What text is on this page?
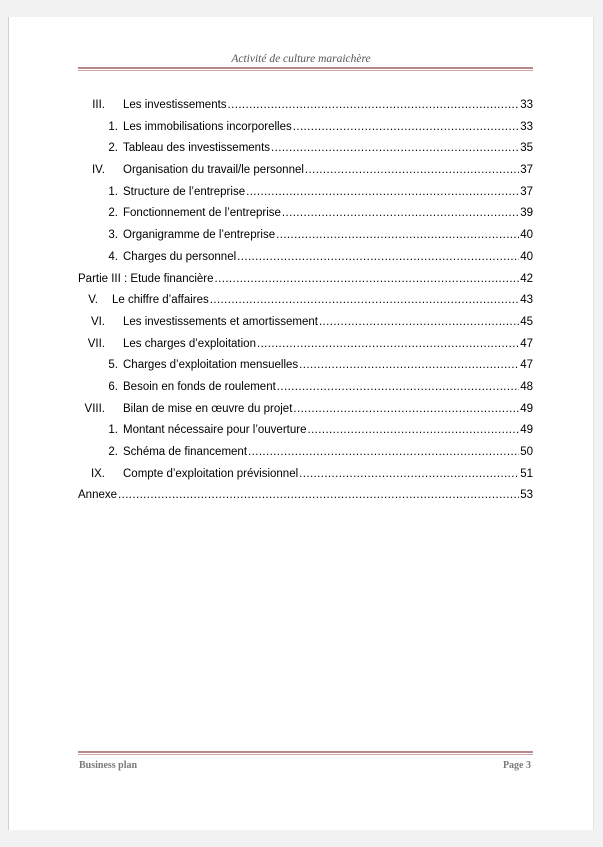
Activité de culture maraichère
III. Les investissements .....	33
1. Les immobilisations incorporelles .....	33
2. Tableau des investissements .....	35
IV. Organisation du travail/le personnel .....	37
1. Structure de l’entreprise .....	37
2. Fonctionnement de l’entreprise .....	39
3. Organigramme de l’entreprise .....	40
4. Charges du personnel .....	40
Partie III : Etude financière .....	42
V. Le chiffre d’affaires .....	43
VI. Les investissements et amortissement .....	45
VII. Les charges d’exploitation .....	47
5. Charges d’exploitation mensuelles .....	47
6. Besoin en fonds de roulement .....	48
VIII. Bilan de mise en œuvre du projet .....	49
1. Montant nécessaire pour l’ouverture .....	49
2. Schéma de financement .....	50
IX. Compte d’exploitation prévisionnel .....	51
Annexe .....	53
Business plan	Page 3
